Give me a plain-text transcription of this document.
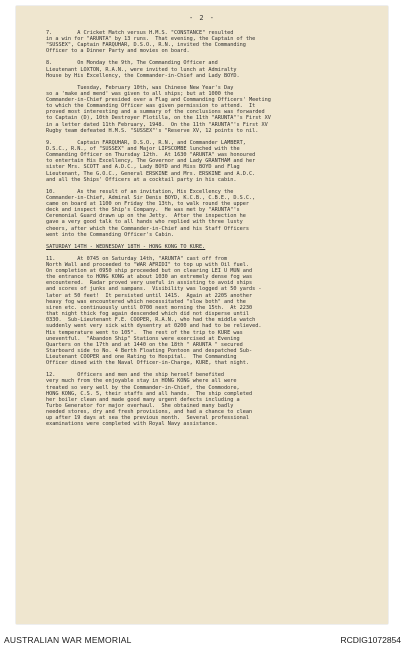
- 2 -

7.        A Cricket Match versus H.M.S. "CONSTANCE" resulted
in a win for "ARUNTA" by 13 runs.  That evening, the Captain of the
"SUSSEX", Captain FARQUHAR, D.S.O., R.N., invited the Commanding
Officer to a Dinner Party and movies on board.

8.        On Monday the 9th, The Commanding Officer and
Lieutenant LOXTON, R.A.N., were invited to lunch at Admiralty
House by His Excellency, the Commander-in-Chief and Lady BOYD.

Tuesday, February 10th, was Chinese New Year's Day
so a 'make and mend' was given to all ships; but at 1000 the
Commander-in-Chief presided over a Flag and Commanding Officers' Meeting
to which the Commanding Officer was given permission to attend.  It
proved most interesting and a summary of the conclusions was forwarded
to Captain (D), 10th Destroyer Flotilla, on the 11th "ARUNTA"'s First XV
in a letter dated 11th February, 1948.  On the 11th "ARUNTA"'s First XV
Rugby team defeated H.M.S. "SUSSEX"'s "Reserve XV, 12 points to nil.

9.        Captain FARQUHAR, D.S.O., R.N., and Commander LAMBERT,
D.S.C., R.N., of "SUSSEX" and Major LIPSCOMBE lunched with the
Commanding Officer on Thursday 12th.  At 1630 "ARUNTA" was honoured
to entertain His Excellency, The Governor and Lady GRANTHAM and her
sister Mrs. SCOTT and A.D.C., Lady BOYD and Miss BOYD and Flag
Lieutenant, The G.O.C., General ERSKINE and Mrs. ERSKINE and A.D.C.
and all the Ships' Officers at a cocktail party in his cabin.

10.       As the result of an invitation, His Excellency the
Commander-in-Chief, Admiral Sir Denis BOYD, K.C.B., C.B.E., D.S.C.,
came on board at 1100 on Friday the 13th, to walk round the upper
deck and inspect the Ship's Company.  He was met by "ARUNTA"'s
Ceremonial Guard drawn up on the Jetty.  After the inspection he
gave a very good talk to all hands who replied with three lusty
cheers, after which the Commander-in-Chief and his Staff Officers
went into the Commanding Officer's Cabin.

SATURDAY 14TH - WEDNESDAY 18TH - HONG KONG TO KURE.

11.       At 0745 on Saturday 14th, "ARUNTA" cast off from
North Wall and proceeded to "WAR AFRIDI" to top up with Oil fuel.
On completion at 0950 ship proceeded but on clearing LEI U MUN and
the entrance to HONG KONG at about 1030 an extremely dense fog was
encountered.  Radar proved very useful in assisting to avoid ships
and scores of junks and sampans.  Visibility was logged at 50 yards -
later at 50 feet!  It persisted until 1415.  Again at 2205 another
heavy fog was encountered which necessitated "slow both" and the
siren etc. continuously until 0700 next morning the 15th.  At 2230
that night thick fog again descended which did not disperse until
0330.  Sub-Lieutenant F.E. COOPER, R.A.N., who had the middle watch
suddenly went very sick with dysentry at 0200 and had to be relieved.
His temperature went to 105°.  The rest of the trip to KURE was
uneventful.  "Abandon Ship" Stations were exercised at Evening
Quarters on the 17th and at 1440 on the 18th " ARUNTA " secured
Starboard side to No. 4 Berth Floating Pontoon and despatched Sub-
Lieutenant COOPER and one Rating to Hospital.  The Commanding
Officer dined with the Naval Officer-in-Charge, KURE, that night.

12.       Officers and men and the ship herself benefited
very much from the enjoyable stay in HONG KONG where all were
treated so very well by the Commander-in-Chief, the Commodore,
HONG KONG, C.S. 5, their staffs and all hands.  The ship completed
her boiler clean and made good many urgent defects including a
Turbo Generator for major overhaul.  She obtained many badly
needed stores, dry and fresh provisions, and had a chance to clean
up after 19 days at sea the previous month.  Several professional
examinations were completed with Royal Navy assistance.

AUSTRALIAN WAR MEMORIAL	RCDIG1072854
